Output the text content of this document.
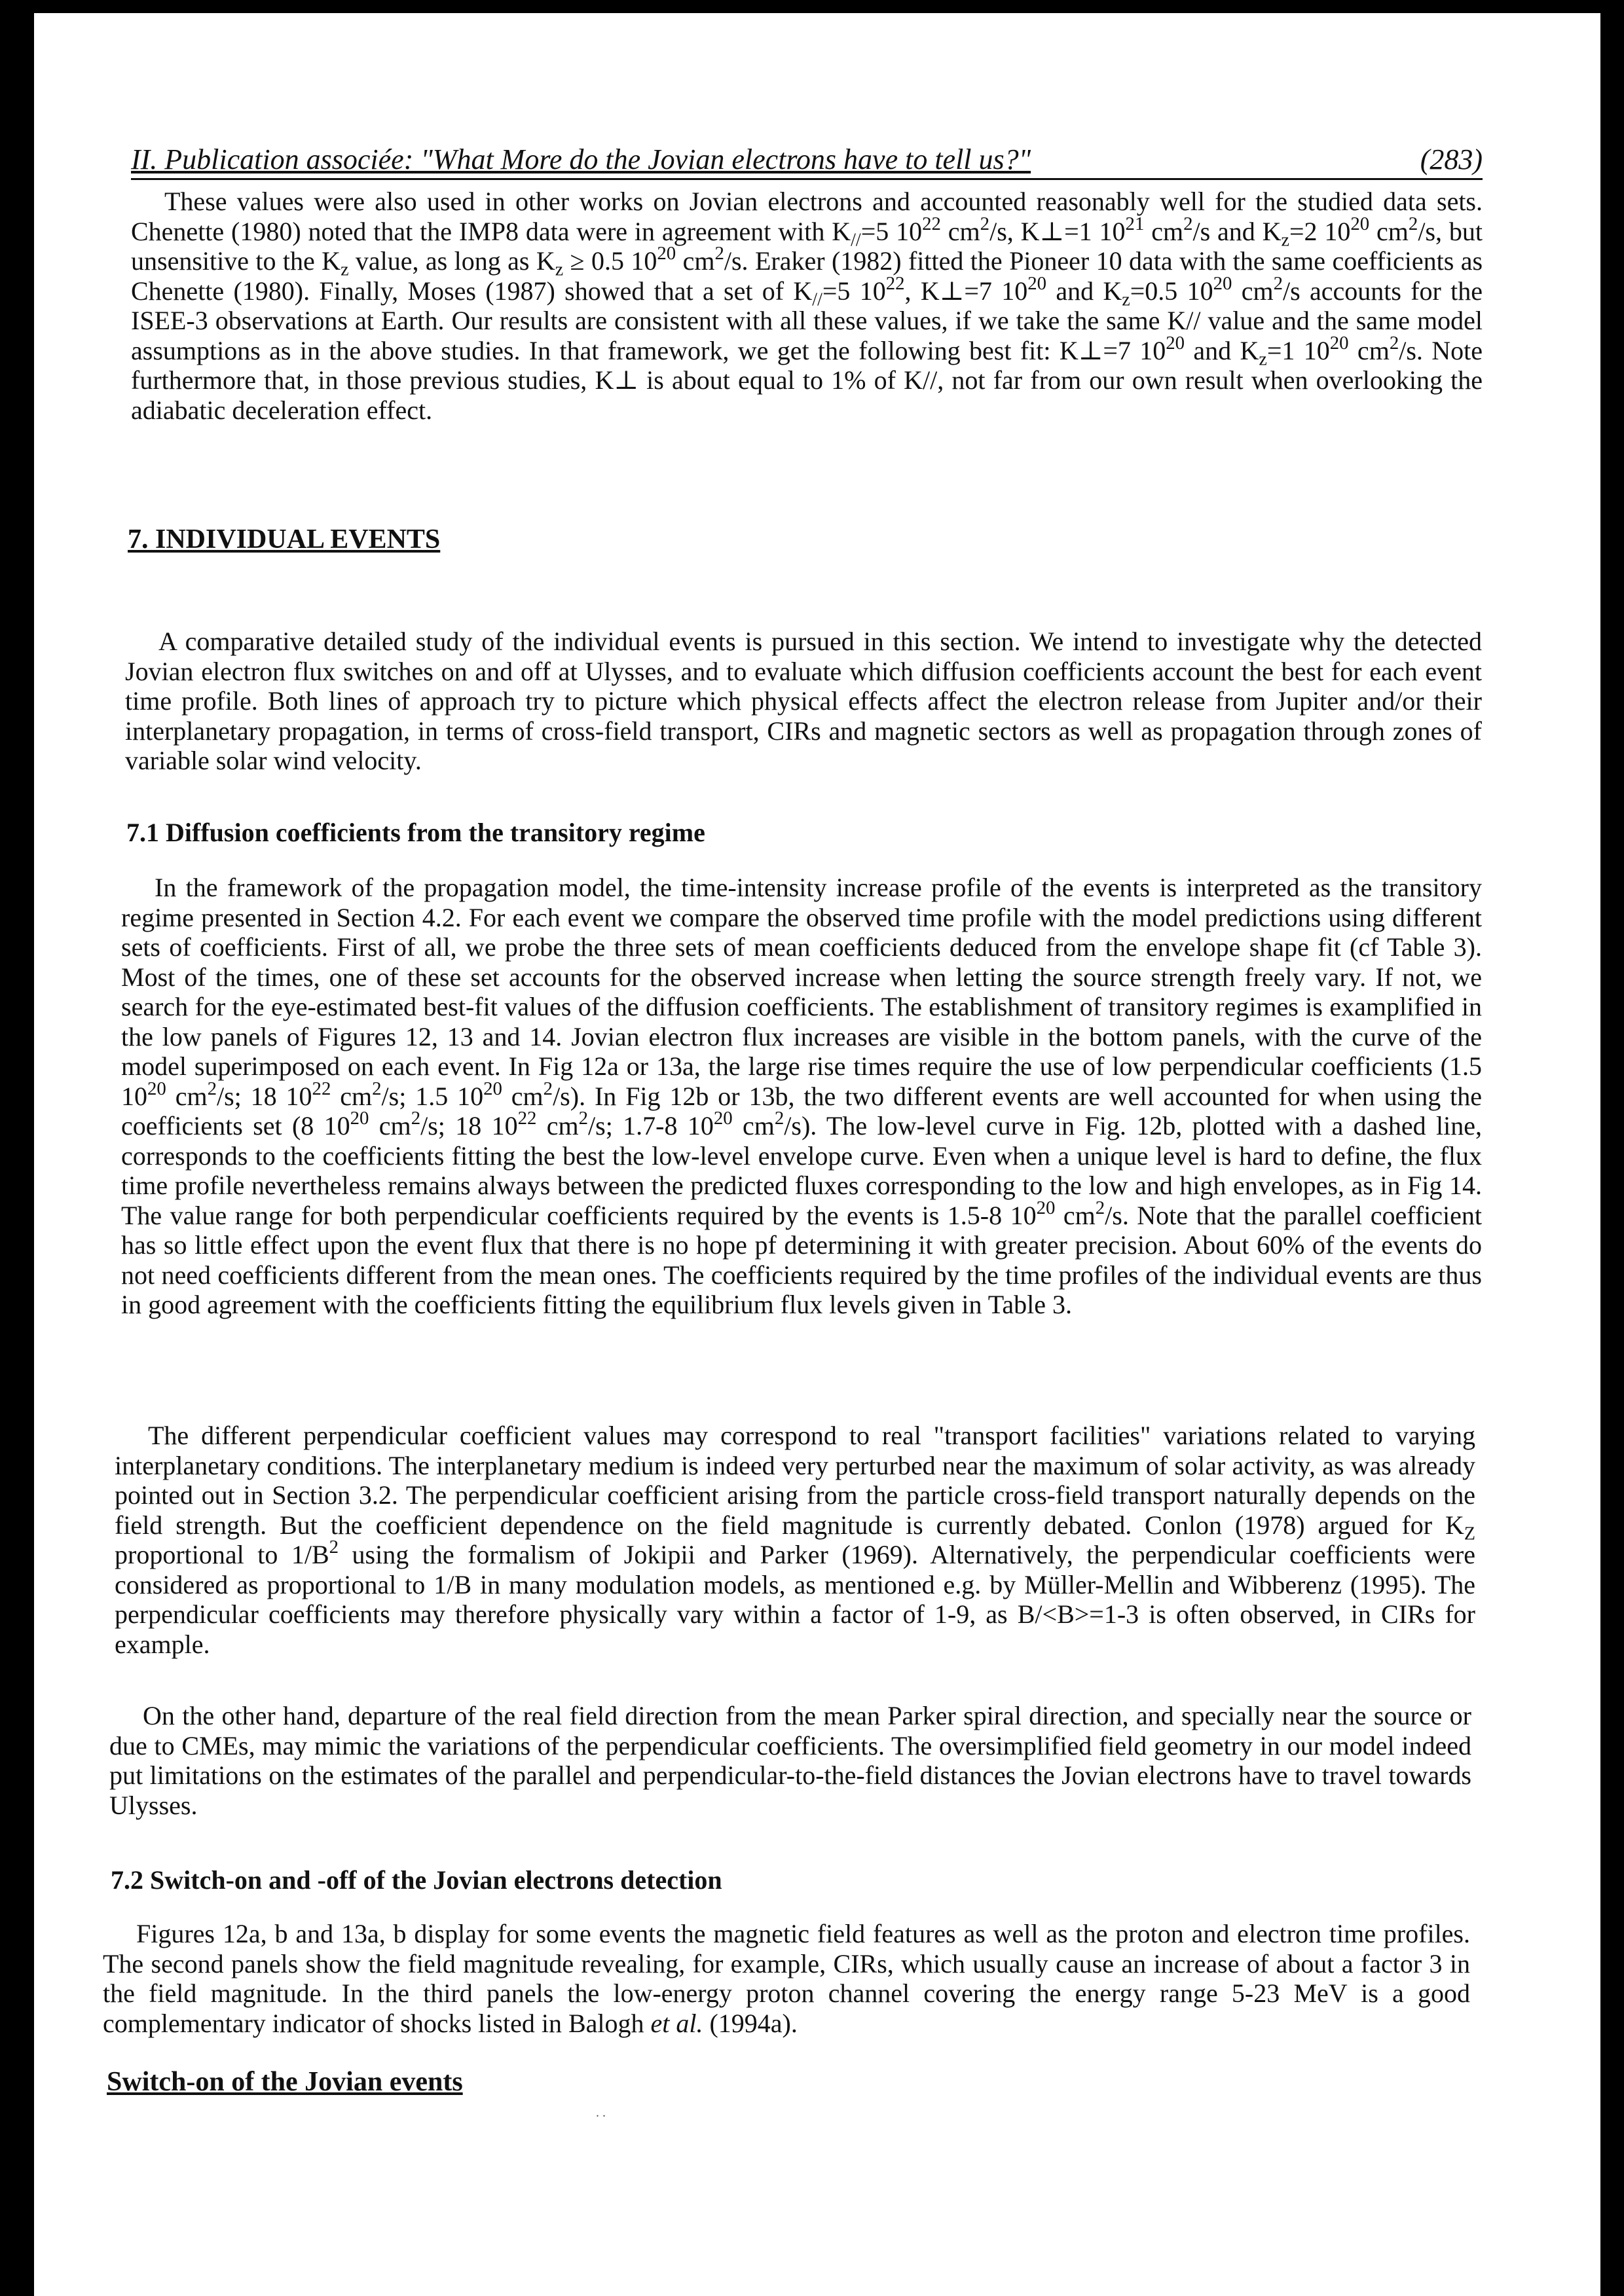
II. Publication associée: "What More do the Jovian electrons have to tell us?"	(283)

These values were also used in other works on Jovian electrons and accounted reasonably well for the studied data sets. Chenette (1980) noted that the IMP8 data were in agreement with $K_{//}=5$ $10^{22}$ $cm^2/s$, K⊥=1 $10^{21}$ $cm^2/s$ and $K_z=2$ $10^{20}$ $cm^2/s$, but unsensitive to the $K_z$ value, as long as $K_z \ge 0.5$ $10^{20}$ $cm^2/s$. Eraker (1982) fitted the Pioneer 10 data with the same coefficients as Chenette (1980). Finally, Moses (1987) showed that a set of $K_{//}=5$ $10^{22}$, K⊥=7 $10^{20}$ and $K_z=0.5$ $10^{20}$ $cm^2/s$ accounts for the ISEE-3 observations at Earth. Our results are consistent with all these values, if we take the same K// value and the same model assumptions as in the above studies. In that framework, we get the following best fit: K⊥=7 $10^{20}$ and $K_z=1$ $10^{20}$ $cm^2/s$. Note furthermore that, in those previous studies, K⊥ is about equal to 1% of K//, not far from our own result when overlooking the adiabatic deceleration effect.

7. INDIVIDUAL EVENTS

A comparative detailed study of the individual events is pursued in this section. We intend to investigate why the detected Jovian electron flux switches on and off at Ulysses, and to evaluate which diffusion coefficients account the best for each event time profile. Both lines of approach try to picture which physical effects affect the electron release from Jupiter and/or their interplanetary propagation, in terms of cross-field transport, CIRs and magnetic sectors as well as propagation through zones of variable solar wind velocity.

7.1 Diffusion coefficients from the transitory regime

In the framework of the propagation model, the time-intensity increase profile of the events is interpreted as the transitory regime presented in Section 4.2. For each event we compare the observed time profile with the model predictions using different sets of coefficients. First of all, we probe the three sets of mean coefficients deduced from the envelope shape fit (cf Table 3). Most of the times, one of these set accounts for the observed increase when letting the source strength freely vary. If not, we search for the eye-estimated best-fit values of the diffusion coefficients. The establishment of transitory regimes is examplified in the low panels of Figures 12, 13 and 14. Jovian electron flux increases are visible in the bottom panels, with the curve of the model superimposed on each event. In Fig 12a or 13a, the large rise times require the use of low perpendicular coefficients (1.5 $10^{20}$ $cm^2/s$; 18 $10^{22}$ $cm^2/s$; 1.5 $10^{20}$ $cm^2/s$). In Fig 12b or 13b, the two different events are well accounted for when using the coefficients set (8 $10^{20}$ $cm^2/s$; 18 $10^{22}$ $cm^2/s$; 1.7-8 $10^{20}$ $cm^2/s$). The low-level curve in Fig. 12b, plotted with a dashed line, corresponds to the coefficients fitting the best the low-level envelope curve. Even when a unique level is hard to define, the flux time profile nevertheless remains always between the predicted fluxes corresponding to the low and high envelopes, as in Fig 14. The value range for both perpendicular coefficients required by the events is 1.5-8 $10^{20}$ $cm^2/s$. Note that the parallel coefficient has so little effect upon the event flux that there is no hope pf determining it with greater precision. About 60% of the events do not need coefficients different from the mean ones. The coefficients required by the time profiles of the individual events are thus in good agreement with the coefficients fitting the equilibrium flux levels given in Table 3.

The different perpendicular coefficient values may correspond to real "transport facilities" variations related to varying interplanetary conditions. The interplanetary medium is indeed very perturbed near the maximum of solar activity, as was already pointed out in Section 3.2. The perpendicular coefficient arising from the particle cross-field transport naturally depends on the field strength. But the coefficient dependence on the field magnitude is currently debated. Conlon (1978) argued for $K_Z$ proportional to $1/B^2$ using the formalism of Jokipii and Parker (1969). Alternatively, the perpendicular coefficients were considered as proportional to 1/B in many modulation models, as mentioned e.g. by Müller-Mellin and Wibberenz (1995). The perpendicular coefficients may therefore physically vary within a factor of 1-9, as B/<B>=1-3 is often observed, in CIRs for example.

On the other hand, departure of the real field direction from the mean Parker spiral direction, and specially near the source or due to CMEs, may mimic the variations of the perpendicular coefficients. The oversimplified field geometry in our model indeed put limitations on the estimates of the parallel and perpendicular-to-the-field distances the Jovian electrons have to travel towards Ulysses.

7.2 Switch-on and -off of the Jovian electrons detection

Figures 12a, b and 13a, b display for some events the magnetic field features as well as the proton and electron time profiles. The second panels show the field magnitude revealing, for example, CIRs, which usually cause an increase of about a factor 3 in the field magnitude. In the third panels the low-energy proton channel covering the energy range 5-23 MeV is a good complementary indicator of shocks listed in Balogh et al. (1994a).

Switch-on of the Jovian events
. .
